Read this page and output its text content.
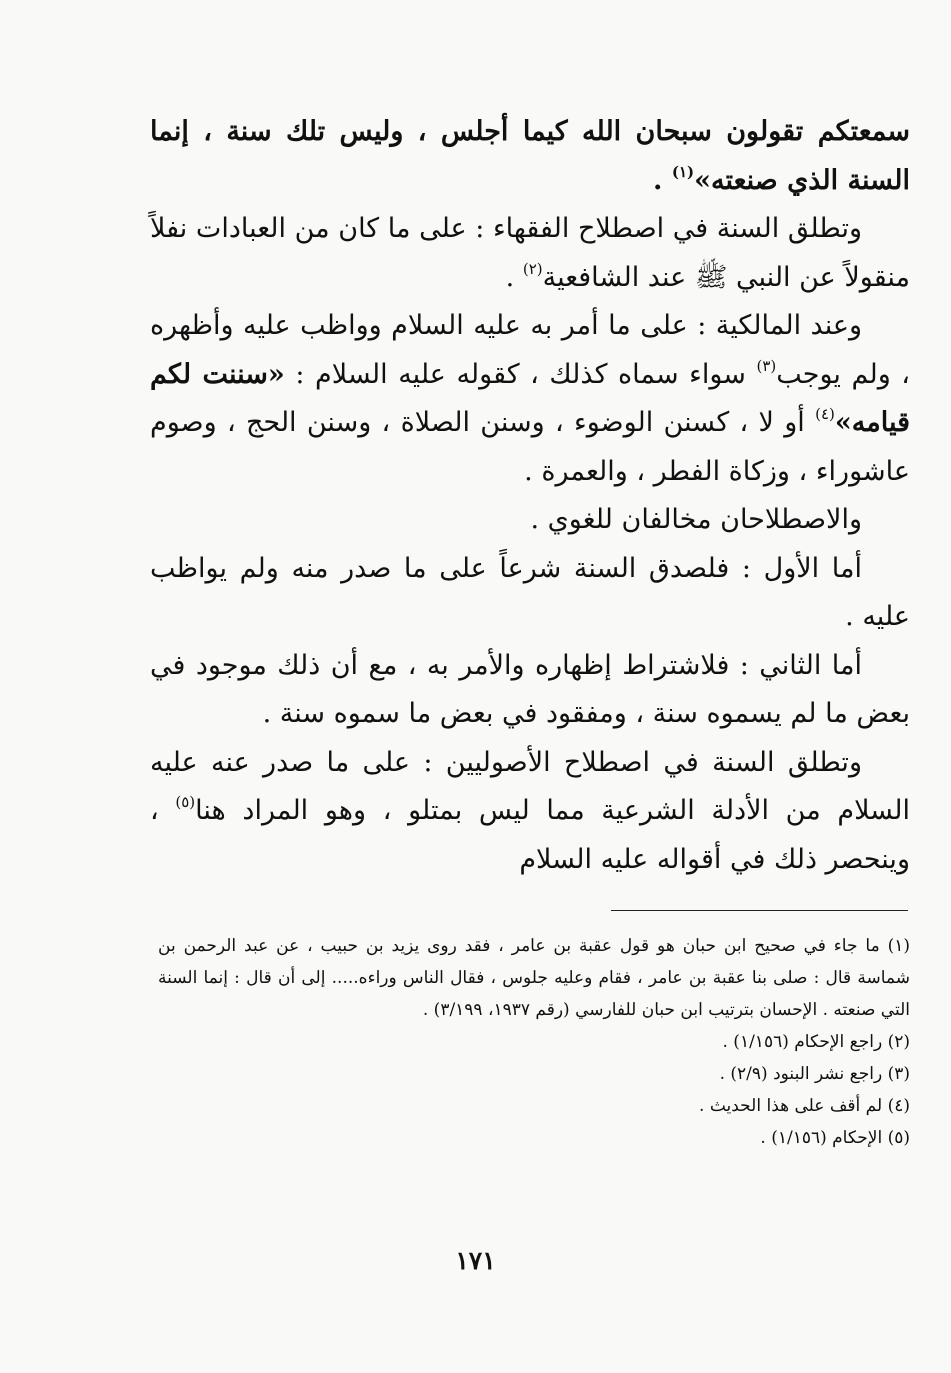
سمعتكم تقولون سبحان الله كيما أجلس ، وليس تلك سنة ، إنما السنة الذي صنعته»$^{(١)}$ .

وتطلق السنة في اصطلاح الفقهاء : على ما كان من العبادات نفلاً منقولاً عن النبي ﷺ عند الشافعية$^{(٢)}$ .

وعند المالكية : على ما أمر به عليه السلام وواظب عليه وأظهره ، ولم يوجب$^{(٣)}$ سواء سماه كذلك ، كقوله عليه السلام : «سننت لكم قيامه»$^{(٤)}$ أو لا ، كسنن الوضوء ، وسنن الصلاة ، وسنن الحج ، وصوم عاشوراء ، وزكاة الفطر ، والعمرة .

والاصطلاحان مخالفان للغوي .

أما الأول : فلصدق السنة شرعاً على ما صدر منه ولم يواظب عليه .

أما الثاني : فلاشتراط إظهاره والأمر به ، مع أن ذلك موجود في بعض ما لم يسموه سنة ، ومفقود في بعض ما سموه سنة .

وتطلق السنة في اصطلاح الأصوليين : على ما صدر عنه عليه السلام من الأدلة الشرعية مما ليس بمتلو ، وهو المراد هنا$^{(٥)}$ ، وينحصر ذلك في أقواله عليه السلام

(١) ما جاء في صحيح ابن حبان هو قول عقبة بن عامر ، فقد روى يزيد بن حبيب ، عن عبد الرحمن بن شماسة قال : صلى بنا عقبة بن عامر ، فقام وعليه جلوس ، فقال الناس وراءه..... إلى أن قال : إنما السنة التي صنعته . الإحسان بترتيب ابن حبان للفارسي (رقم ١٩٣٧، ٣/١٩٩) .

(٢) راجع الإحكام (١/١٥٦) .

(٣) راجع نشر البنود (٢/٩) .

(٤) لم أقف على هذا الحديث .

(٥) الإحكام (١/١٥٦) .

١٧١
